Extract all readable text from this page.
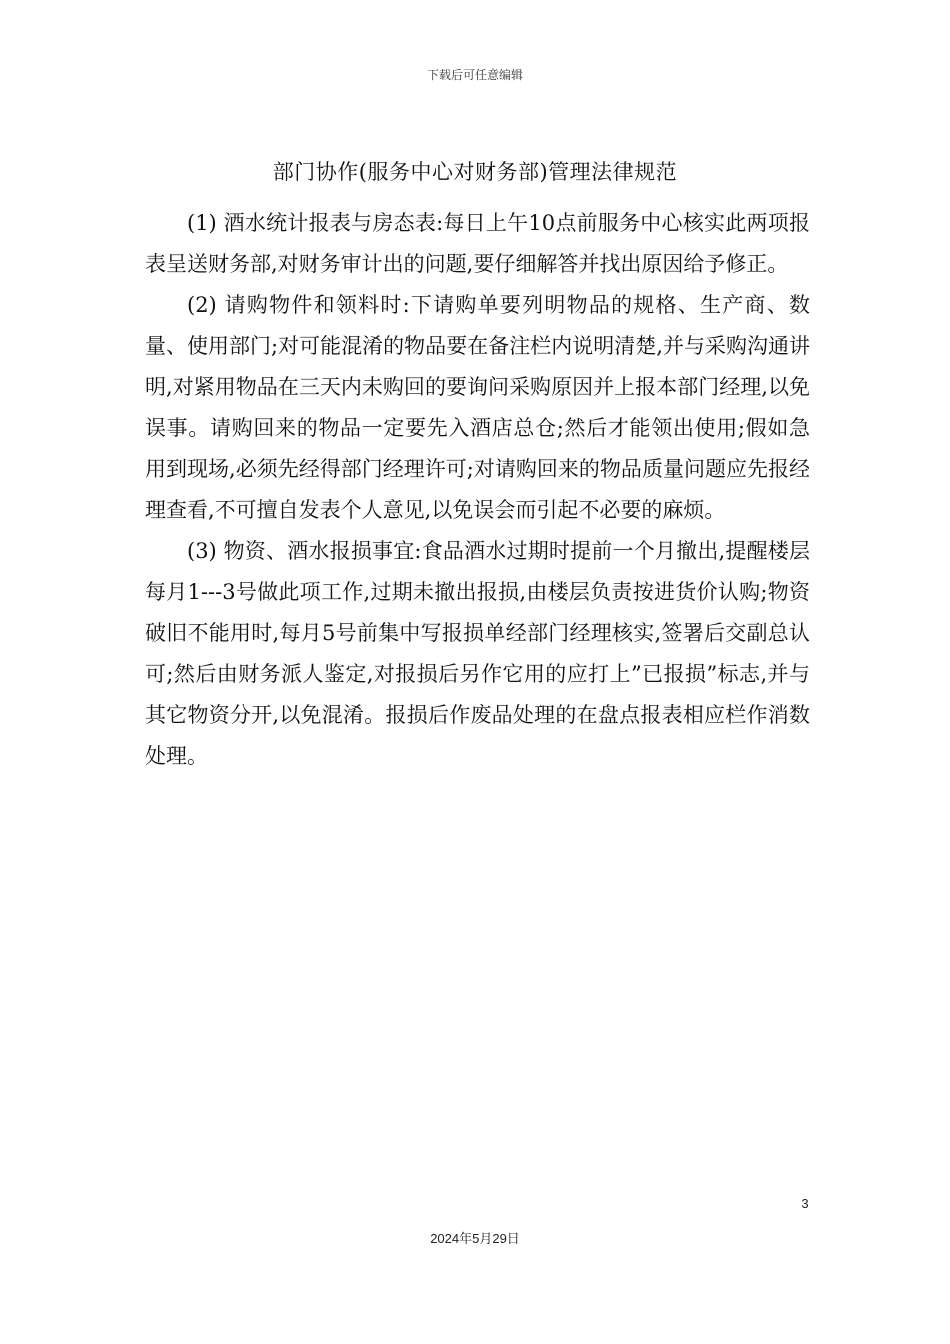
下载后可任意编辑
部门协作(服务中心对财务部)管理法律规范

(1) 酒水统计报表与房态表:每日上午10点前服务中心核实此两项报表呈送财务部,对财务审计出的问题,要仔细解答并找出原因给予修正。

(2) 请购物件和领料时:下请购单要列明物品的规格、生产商、数量、使用部门;对可能混淆的物品要在备注栏内说明清楚,并与采购沟通讲明,对紧用物品在三天内未购回的要询问采购原因并上报本部门经理,以免误事。请购回来的物品一定要先入酒店总仓;然后才能领出使用;假如急用到现场,必须先经得部门经理许可;对请购回来的物品质量问题应先报经理查看,不可擅自发表个人意见,以免误会而引起不必要的麻烦。

(3) 物资、酒水报损事宜:食品酒水过期时提前一个月撤出,提醒楼层每月1---3号做此项工作,过期未撤出报损,由楼层负责按进货价认购;物资破旧不能用时,每月5号前集中写报损单经部门经理核实,签署后交副总认可;然后由财务派人鉴定,对报损后另作它用的应打上”已报损”标志,并与其它物资分开,以免混淆。报损后作废品处理的在盘点报表相应栏作消数处理。

3
2024年5月29日
